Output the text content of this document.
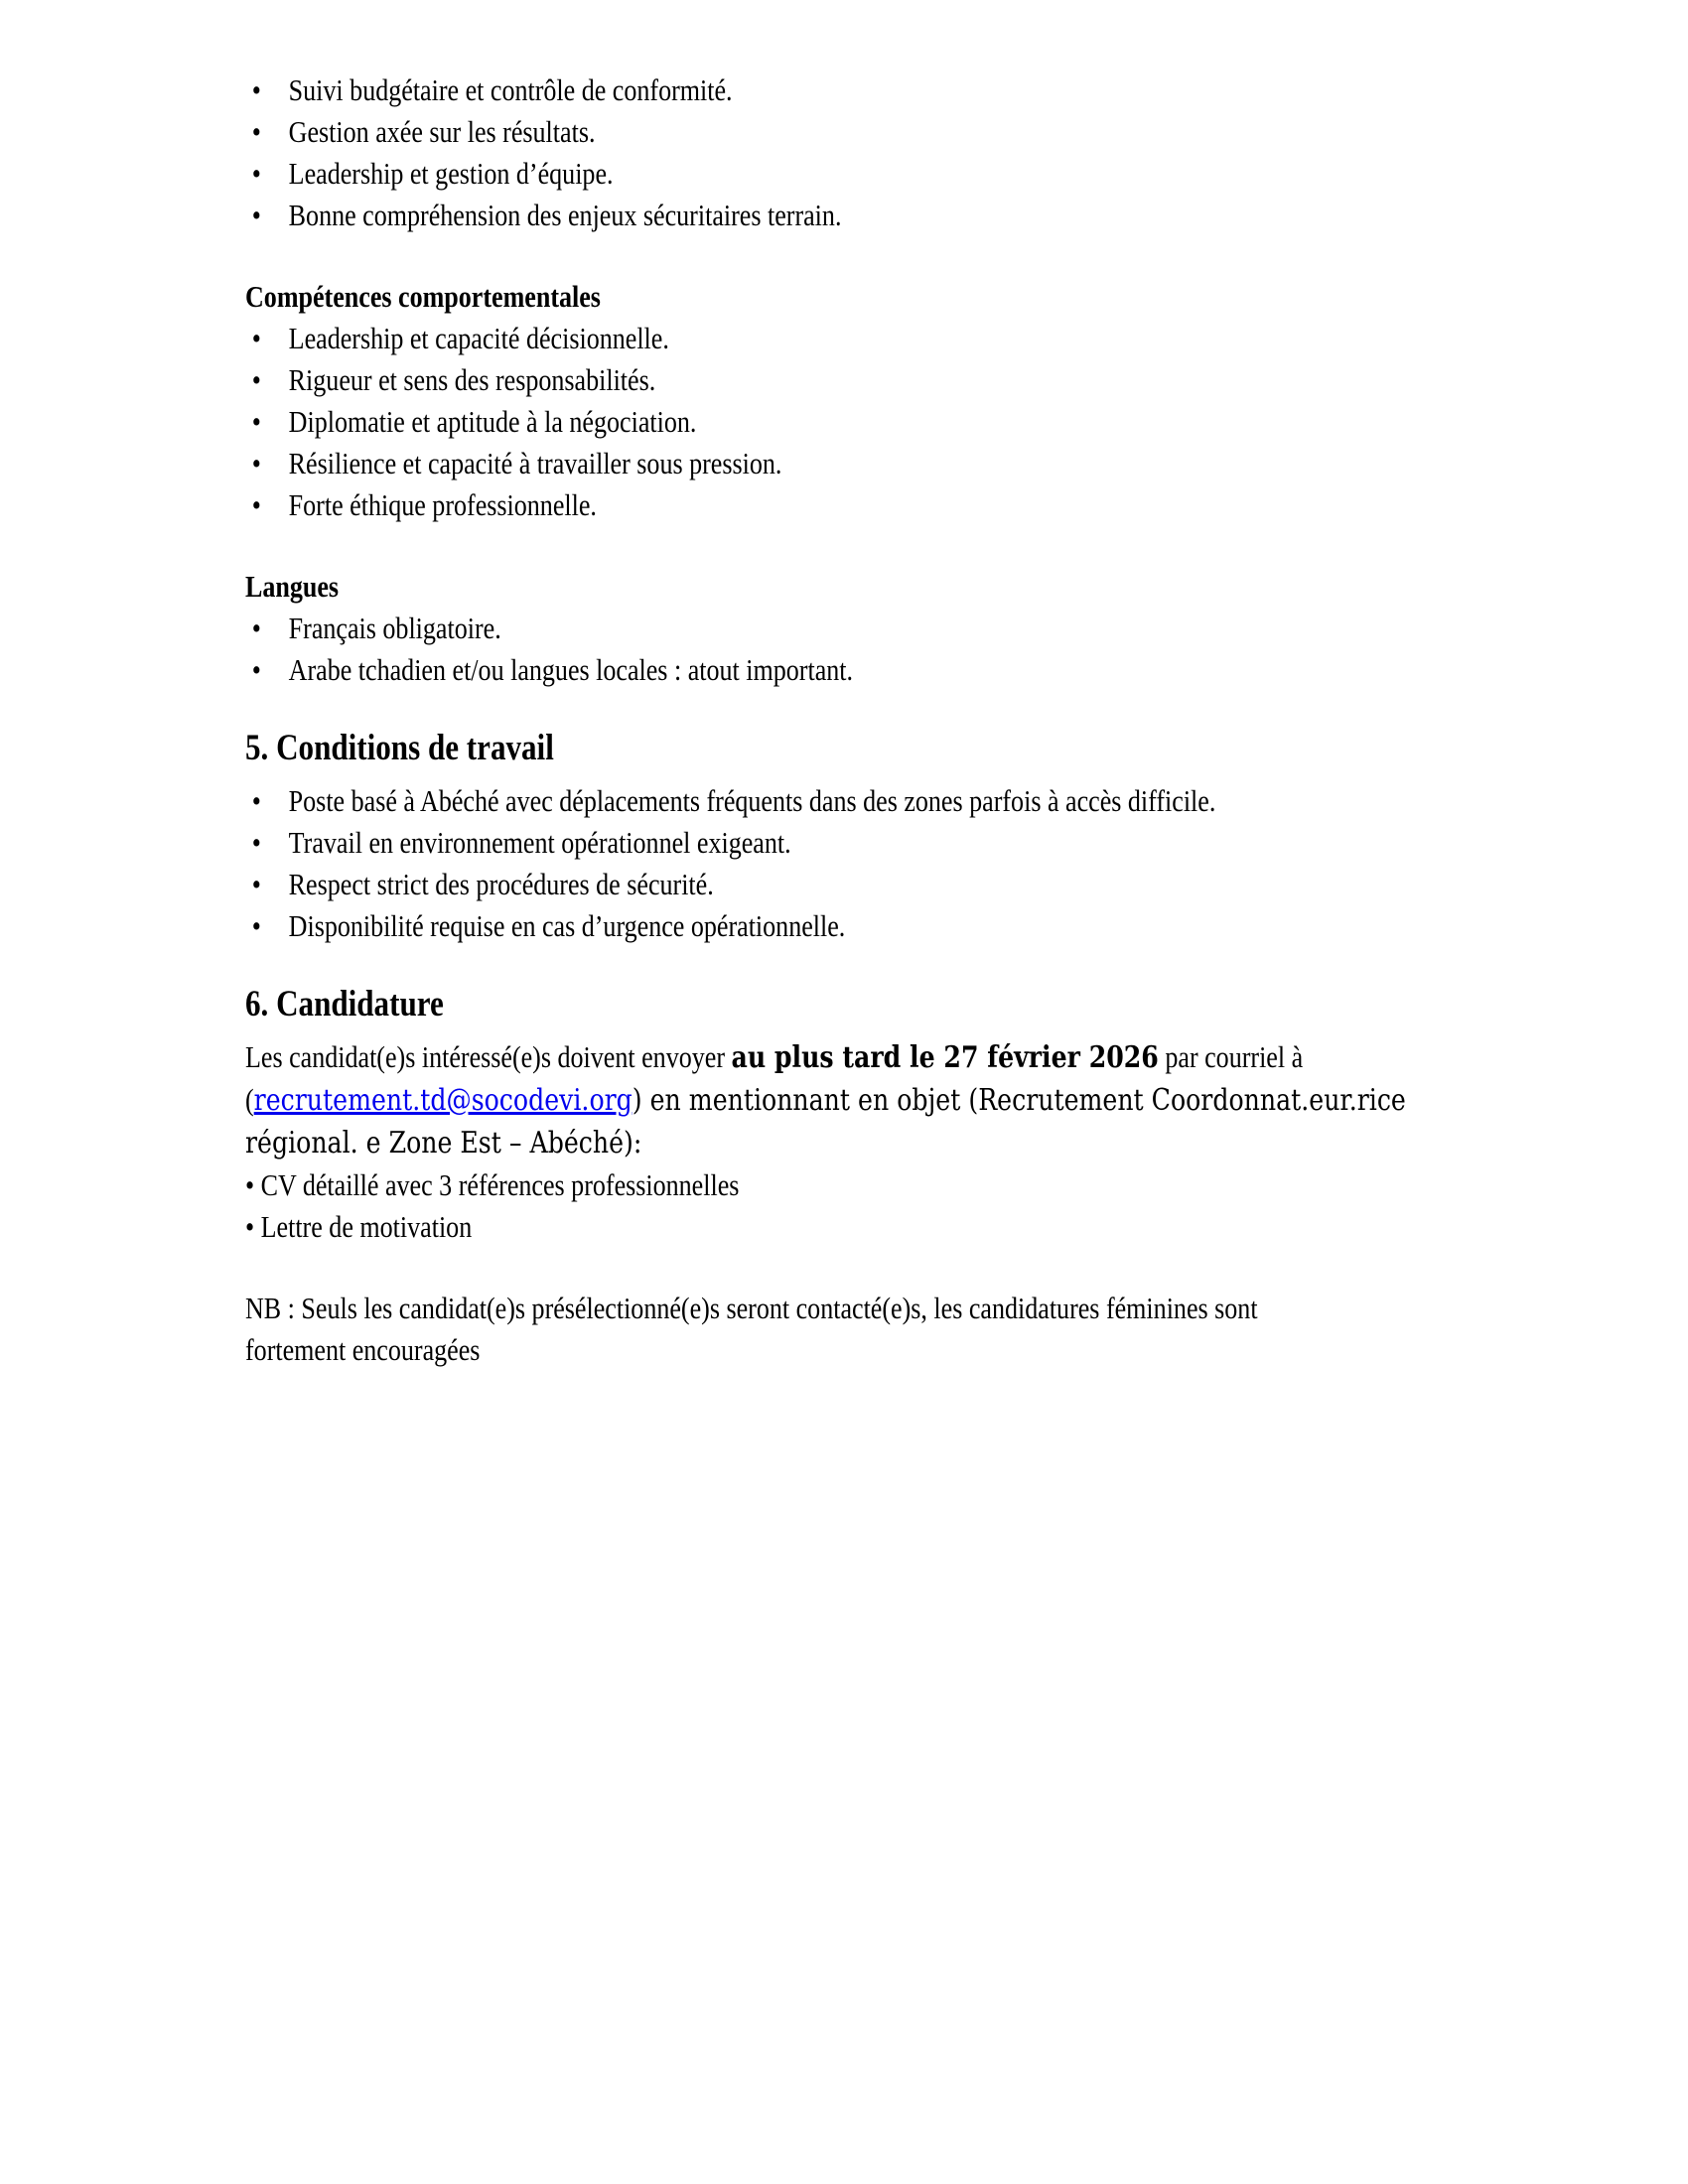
• Suivi budgétaire et contrôle de conformité.
• Gestion axée sur les résultats.
• Leadership et gestion d’équipe.
• Bonne compréhension des enjeux sécuritaires terrain.
Compétences comportementales
• Leadership et capacité décisionnelle.
• Rigueur et sens des responsabilités.
• Diplomatie et aptitude à la négociation.
• Résilience et capacité à travailler sous pression.
• Forte éthique professionnelle.
Langues
• Français obligatoire.
• Arabe tchadien et/ou langues locales : atout important.
5. Conditions de travail
• Poste basé à Abéché avec déplacements fréquents dans des zones parfois à accès difficile.
• Travail en environnement opérationnel exigeant.
• Respect strict des procédures de sécurité.
• Disponibilité requise en cas d’urgence opérationnelle.
6. Candidature

Les candidat(e)s intéressé(e)s doivent envoyer au plus tard le 27 février 2026 par courriel à
(recrutement.td@socodevi.org) en mentionnant en objet (Recrutement Coordonnat.eur.rice
régional. e Zone Est – Abéché):

• CV détaillé avec 3 références professionnelles
• Lettre de motivation

NB : Seuls les candidat(e)s présélectionné(e)s seront contacté(e)s, les candidatures féminines sont
fortement encouragées
